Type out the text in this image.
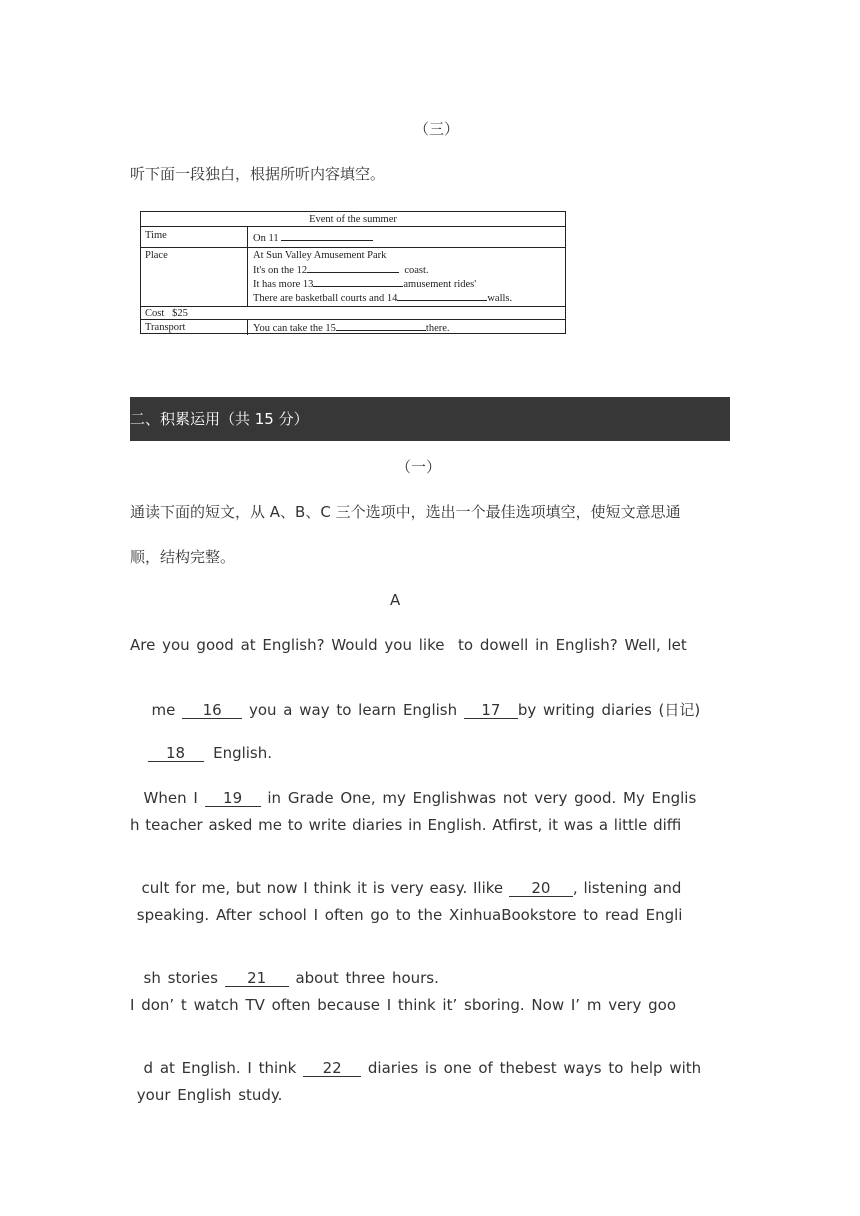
（三）
听下面一段独白，根据所听内容填空。
Event of the summer
Time	On 11
Place	At Sun Valley Amusement Park
It's on the 12	coast.
It has more 13	amusement rides'
There are basketball courts and 14	walls.
Cost $25
Transport	You can take the 15	there.
二、积累运用（共 15 分）
（一）
通读下面的短文，从 A、B、C 三个选项中，选出一个最佳选项填空，使短文意思通
顺，结构完整。
A
Are you good at English? Would you like  to dowell in English? Well, let

me 16 you a way to learn English 17 by writing diaries (日记)

18 English.

When I 19 in Grade One, my Englishwas not very good. My Englis

h teacher asked me to write diaries in English. Atfirst, it was a little diffi

cult for me, but now I think it is very easy. Ilike 20 , listening and

speaking. After school I often go to the XinhuaBookstore to read Engli

sh stories 21 about three hours.

I don’ t watch TV often because I think it’ sboring. Now I’ m very goo

d at English. I think 22 diaries is one of thebest ways to help with

your English study.
